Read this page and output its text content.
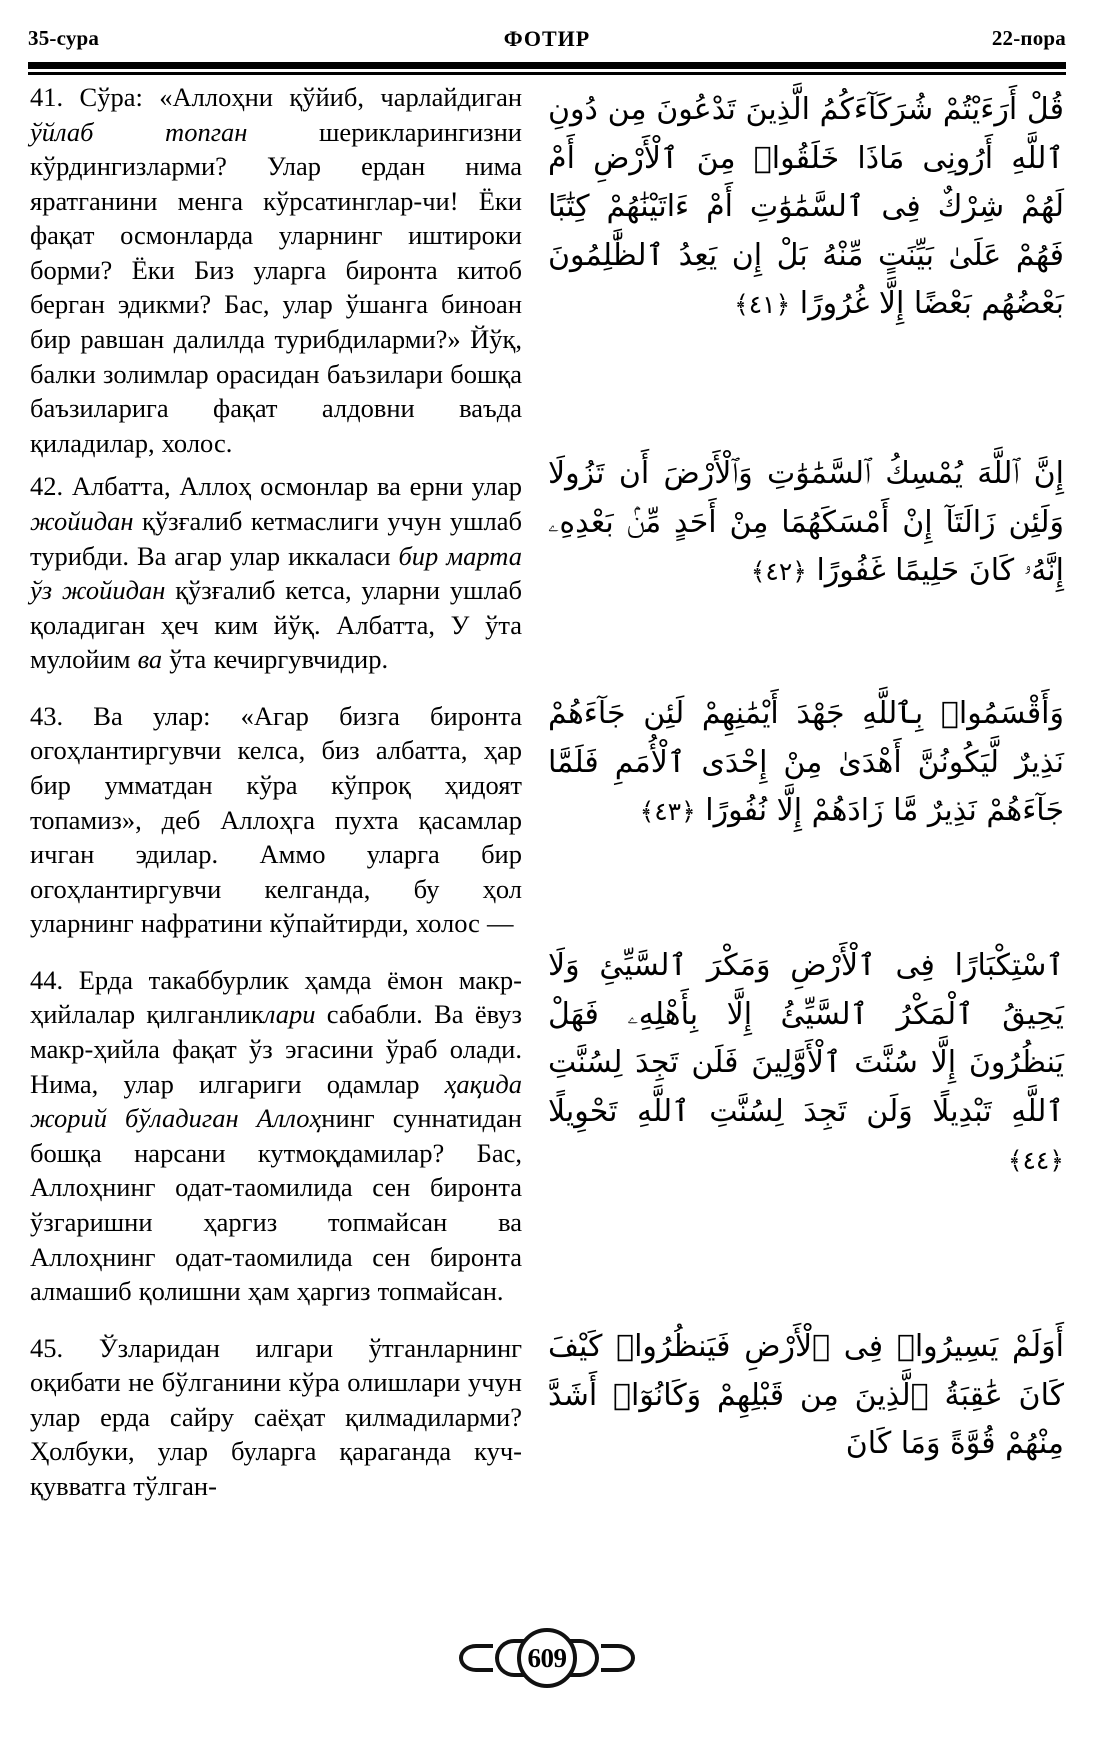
35-сура	ФОТИР	22-пора

41. Сўра: «Аллоҳни қўйиб, чарлайдиган ўйлаб топган шерикларингизни кўрдингизларми? Улар ердан нима яратганини менга кўрсатинглар-чи! Ёки фақат осмонларда уларнинг иштироки борми? Ёки Биз уларга биронта китоб берган эдикми? Бас, улар ўшанга биноан бир равшан далилда турибдиларми?» Йўқ, балки золимлар орасидан баъзилари бошқа баъзиларига фақат алдовни ваъда қиладилар, холос.

42. Албатта, Аллоҳ осмонлар ва ерни улар жойидан қўзғалиб кетмаслиги учун ушлаб турибди. Ва агар улар иккаласи бир марта ўз жойидан қўзғалиб кетса, уларни ушлаб қоладиган ҳеч ким йўқ. Албатта, У ўта мулойим ва ўта кечиргувчидир.

43. Ва улар: «Агар бизга биронта огоҳлантиргувчи келса, биз албатта, ҳар бир умматдан кўра кўпроқ ҳидоят топамиз», деб Аллоҳга пухта қасамлар ичган эдилар. Аммо уларга бир огоҳлантиргувчи келганда, бу ҳол уларнинг нафратини кўпайтирди, холос —

44. Ерда такаббурлик ҳамда ёмон макр-ҳийлалар қилганликлари сабабли. Ва ёвуз макр-ҳийла фақат ўз эгасини ўраб олади. Нима, улар илгариги одамлар ҳақида жорий бўладиган Аллоҳнинг суннатидан бошқа нарсани кутмоқдамилар? Бас, Аллоҳнинг одат-таомилида сен биронта ўзгаришни ҳаргиз топмайсан ва Аллоҳнинг одат-таомилида сен биронта алмашиб қолишни ҳам ҳаргиз топмайсан.

45. Ўзларидан илгари ўтганларнинг оқибати не бўлганини кўра олишлари учун улар ерда сайру саёҳат қилмадиларми? Ҳолбуки, улар буларга қараганда куч-қувватга тўлган-

قُلْ أَرَءَيْتُمْ شُرَكَآءَكُمُ الَّذِينَ تَدْعُونَ مِن دُونِ ٱللَّهِ أَرُونِى مَاذَا خَلَقُوا۟ مِنَ ٱلْأَرْضِ أَمْ لَهُمْ شِرْكٌ فِى ٱلسَّمَٰوَٰتِ أَمْ ءَاتَيْنَٰهُمْ كِتَٰبًا فَهُمْ عَلَىٰ بَيِّنَتٍ مِّنْهُ بَلْ إِن يَعِدُ ٱلظَّٰلِمُونَ بَعْضُهُم بَعْضًا إِلَّا غُرُورًا ﴿٤١﴾

إِنَّ ٱللَّهَ يُمْسِكُ ٱلسَّمَٰوَٰتِ وَٱلْأَرْضَ أَن تَزُولَا وَلَئِن زَالَتَآ إِنْ أَمْسَكَهُمَا مِنْ أَحَدٍ مِّنۢ بَعْدِهِۦ إِنَّهُۥ كَانَ حَلِيمًا غَفُورًا ﴿٤٢﴾

وَأَقْسَمُوا۟ بِٱللَّهِ جَهْدَ أَيْمَٰنِهِمْ لَئِن جَآءَهُمْ نَذِيرٌ لَّيَكُونُنَّ أَهْدَىٰ مِنْ إِحْدَى ٱلْأُمَمِ فَلَمَّا جَآءَهُمْ نَذِيرٌ مَّا زَادَهُمْ إِلَّا نُفُورًا ﴿٤٣﴾

ٱسْتِكْبَارًا فِى ٱلْأَرْضِ وَمَكْرَ ٱلسَّيِّئِ وَلَا يَحِيقُ ٱلْمَكْرُ ٱلسَّيِّئُ إِلَّا بِأَهْلِهِۦ فَهَلْ يَنظُرُونَ إِلَّا سُنَّتَ ٱلْأَوَّلِينَ فَلَن تَجِدَ لِسُنَّتِ ٱللَّهِ تَبْدِيلًا وَلَن تَجِدَ لِسُنَّتِ ٱللَّهِ تَحْوِيلًا ﴿٤٤﴾

أَوَلَمْ يَسِيرُوا۟ فِى ٱلْأَرْضِ فَيَنظُرُوا۟ كَيْفَ كَانَ عَٰقِبَةُ ٱلَّذِينَ مِن قَبْلِهِمْ وَكَانُوٓا۟ أَشَدَّ مِنْهُمْ قُوَّةً وَمَا كَانَ

609
